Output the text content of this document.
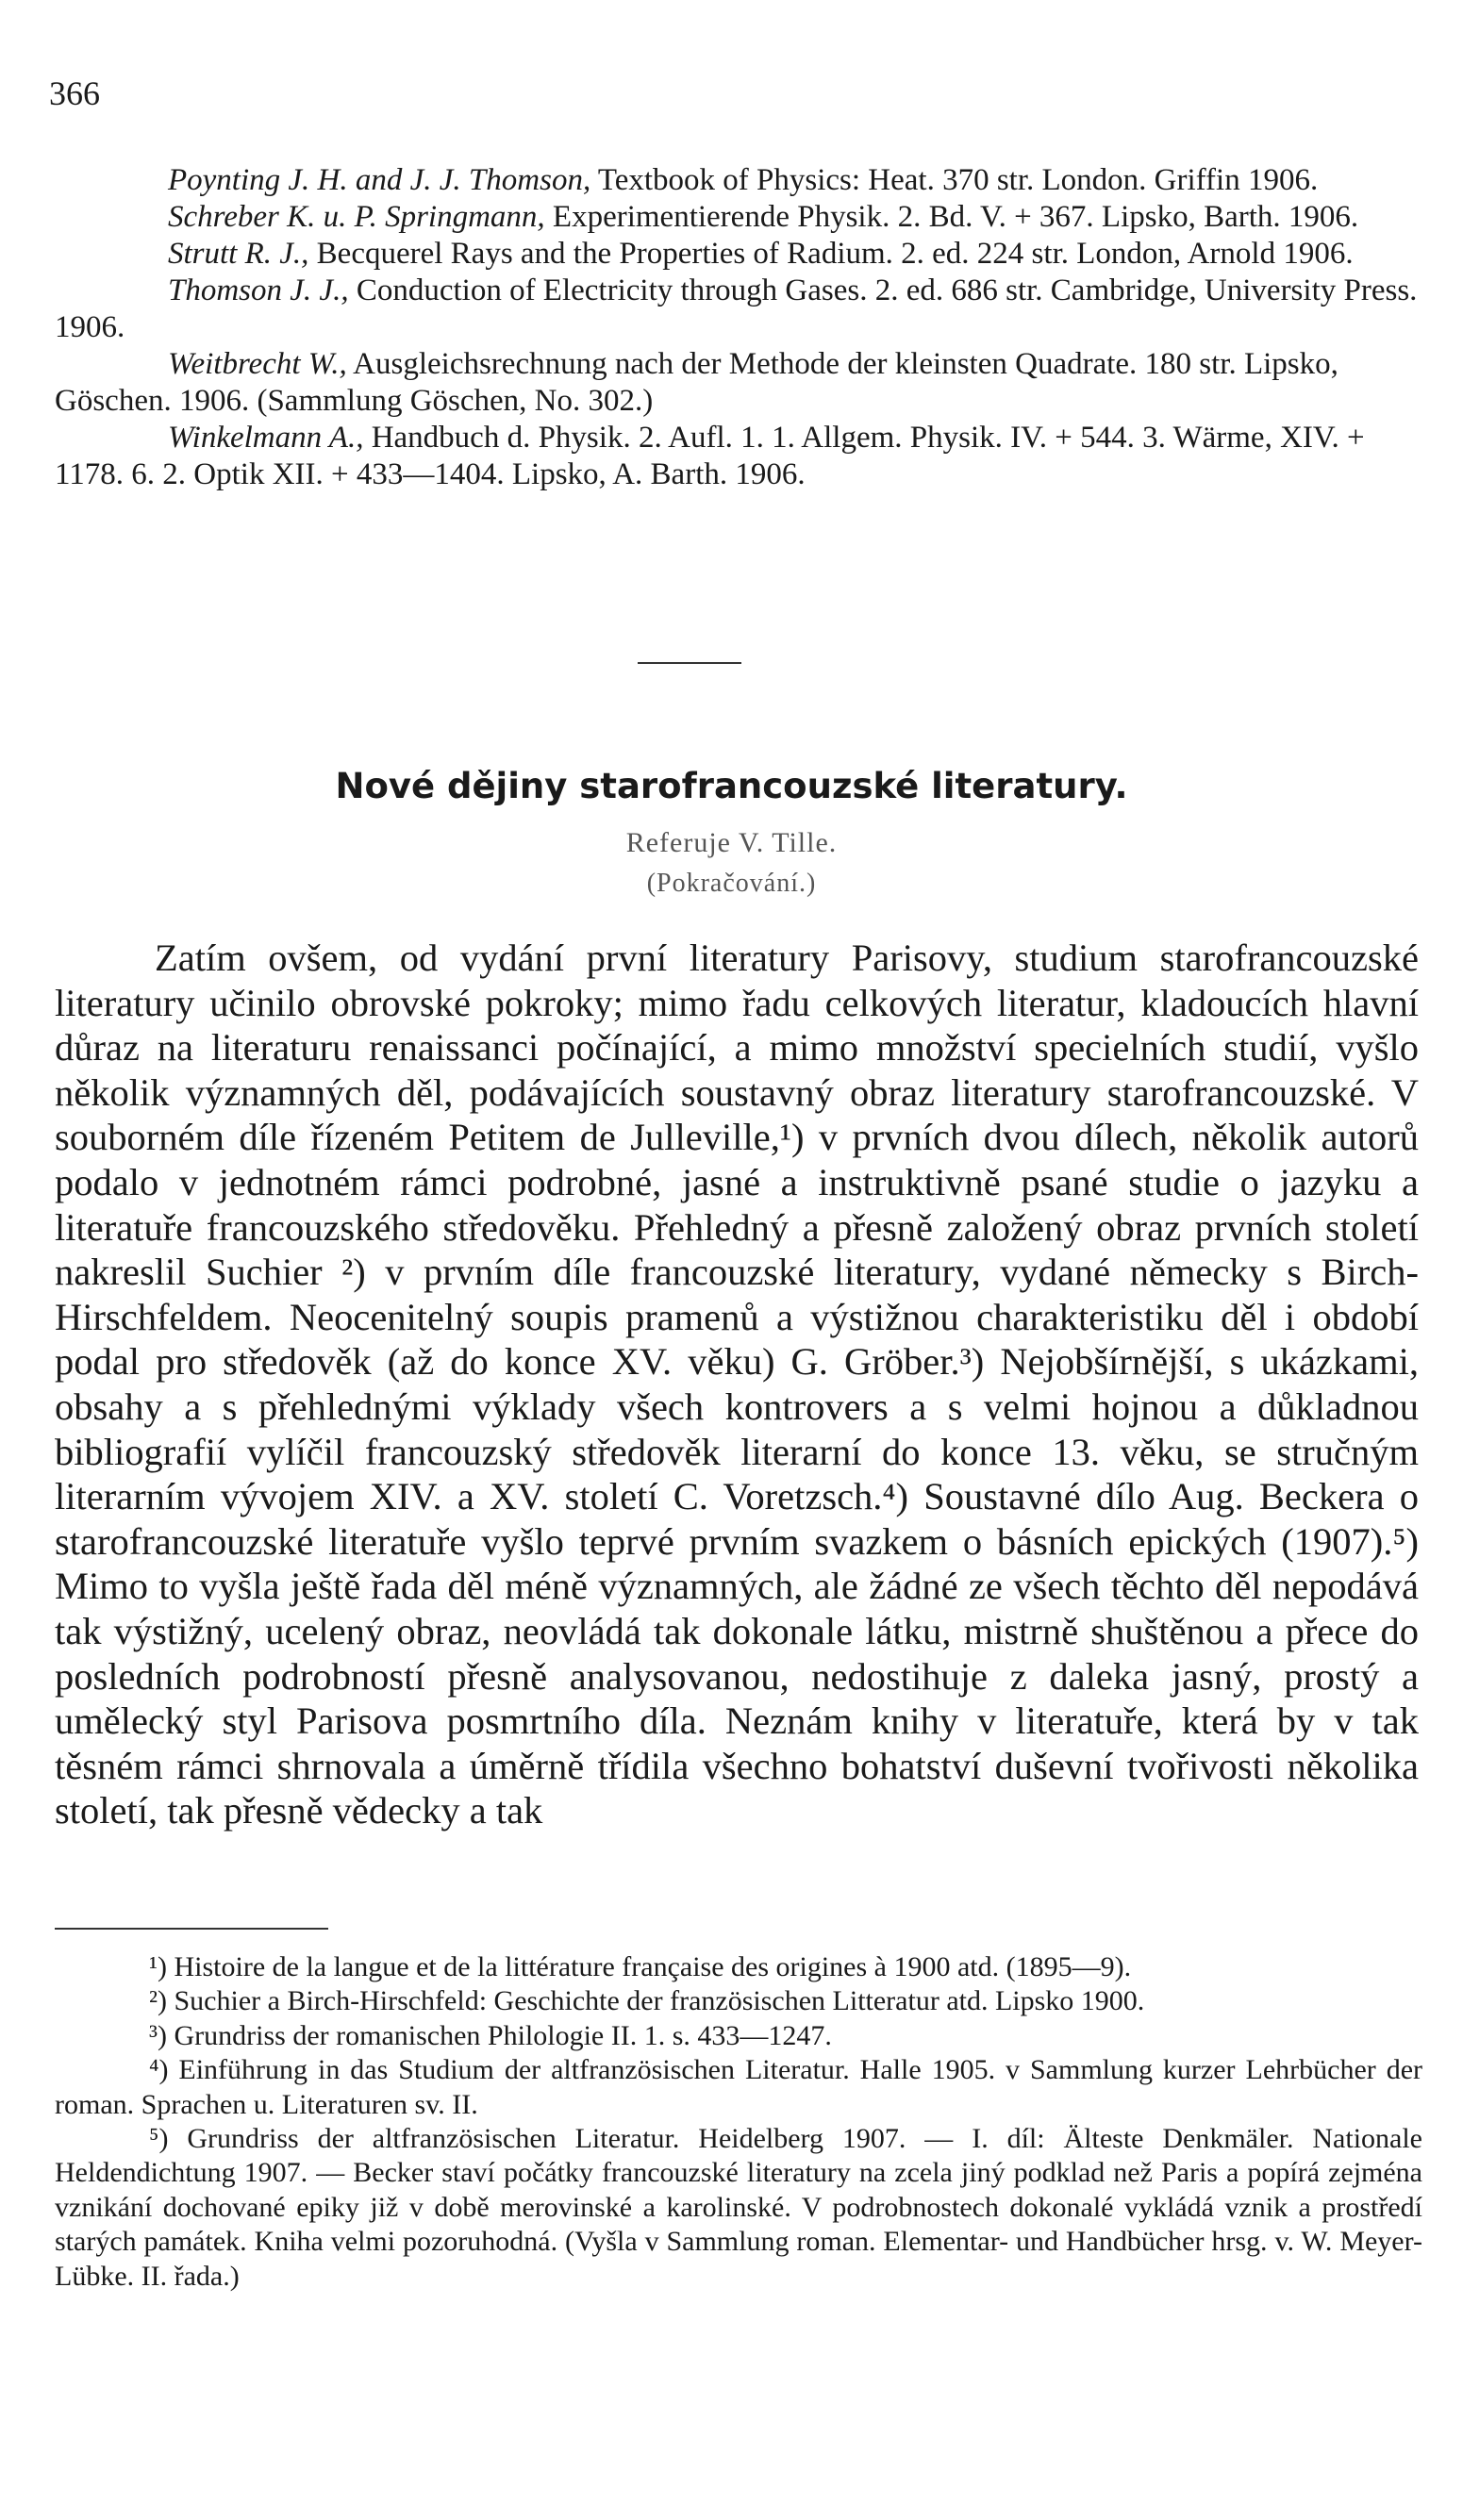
366

Poynting J. H. and J. J. Thomson, Textbook of Physics: Heat. 370 str. London. Griffin 1906.

Schreber K. u. P. Springmann, Experimentierende Physik. 2. Bd. V. + 367. Lipsko, Barth. 1906.

Strutt R. J., Becquerel Rays and the Properties of Radium. 2. ed. 224 str. London, Arnold 1906.

Thomson J. J., Conduction of Electricity through Gases. 2. ed. 686 str. Cambridge, University Press. 1906.

Weitbrecht W., Ausgleichsrechnung nach der Methode der kleinsten Quadrate. 180 str. Lipsko, Göschen. 1906. (Sammlung Göschen, No. 302.)

Winkelmann A., Handbuch d. Physik. 2. Aufl. 1. 1. Allgem. Physik. IV. + 544. 3. Wärme, XIV. + 1178. 6. 2. Optik XII. + 433—1404. Lipsko, A. Barth. 1906.

Nové dějiny starofrancouzské literatury.
Referuje V. Tille.
(Pokračování.)

Zatím ovšem, od vydání první literatury Parisovy, studium starofrancouzské literatury učinilo obrovské pokroky; mimo řadu celkových literatur, kladoucích hlavní důraz na literaturu renaissanci počínající, a mimo množství specielních studií, vyšlo několik významných děl, podávajících soustavný obraz literatury starofrancouzské. V souborném díle řízeném Petitem de Julleville,¹) v prvních dvou dílech, několik autorů podalo v jednotném rámci podrobné, jasné a instruktivně psané studie o jazyku a literatuře francouzského středověku. Přehledný a přesně založený obraz prvních století nakreslil Suchier ²) v prvním díle francouzské literatury, vydané německy s Birch-Hirschfeldem. Neocenitelný soupis pramenů a výstižnou charakteristiku děl i období podal pro středověk (až do konce XV. věku) G. Gröber.³) Nejobšírnější, s ukázkami, obsahy a s přehlednými výklady všech kontrovers a s velmi hojnou a důkladnou bibliografií vylíčil francouzský středověk literarní do konce 13. věku, se stručným literarním vývojem XIV. a XV. století C. Voretzsch.⁴) Soustavné dílo Aug. Beckera o starofrancouzské literatuře vyšlo teprvé prvním svazkem o básních epických (1907).⁵) Mimo to vyšla ještě řada děl méně významných, ale žádné ze všech těchto děl nepodává tak výstižný, ucelený obraz, neovládá tak dokonale látku, mistrně shuštěnou a přece do posledních podrobností přesně analysovanou, nedostihuje z daleka jasný, prostý a umělecký styl Parisova posmrtního díla. Neznám knihy v literatuře, která by v tak těsném rámci shrnovala a úměrně třídila všechno bohatství duševní tvořivosti několika století, tak přesně vědecky a tak

¹) Histoire de la langue et de la littérature française des origines à 1900 atd. (1895—9).

²) Suchier a Birch-Hirschfeld: Geschichte der französischen Litteratur atd. Lipsko 1900.

³) Grundriss der romanischen Philologie II. 1. s. 433—1247.

⁴) Einführung in das Studium der altfranzösischen Literatur. Halle 1905. v Sammlung kurzer Lehrbücher der roman. Sprachen u. Literaturen sv. II.

⁵) Grundriss der altfranzösischen Literatur. Heidelberg 1907. — I. díl: Älteste Denkmäler. Nationale Heldendichtung 1907. — Becker staví počátky francouzské literatury na zcela jiný podklad než Paris a popírá zejména vznikání dochované epiky již v době merovinské a karolinské. V podrobnostech dokonalé vykládá vznik a prostředí starých památek. Kniha velmi pozoruhodná. (Vyšla v Sammlung roman. Elementar- und Handbücher hrsg. v. W. Meyer-Lübke. II. řada.)
